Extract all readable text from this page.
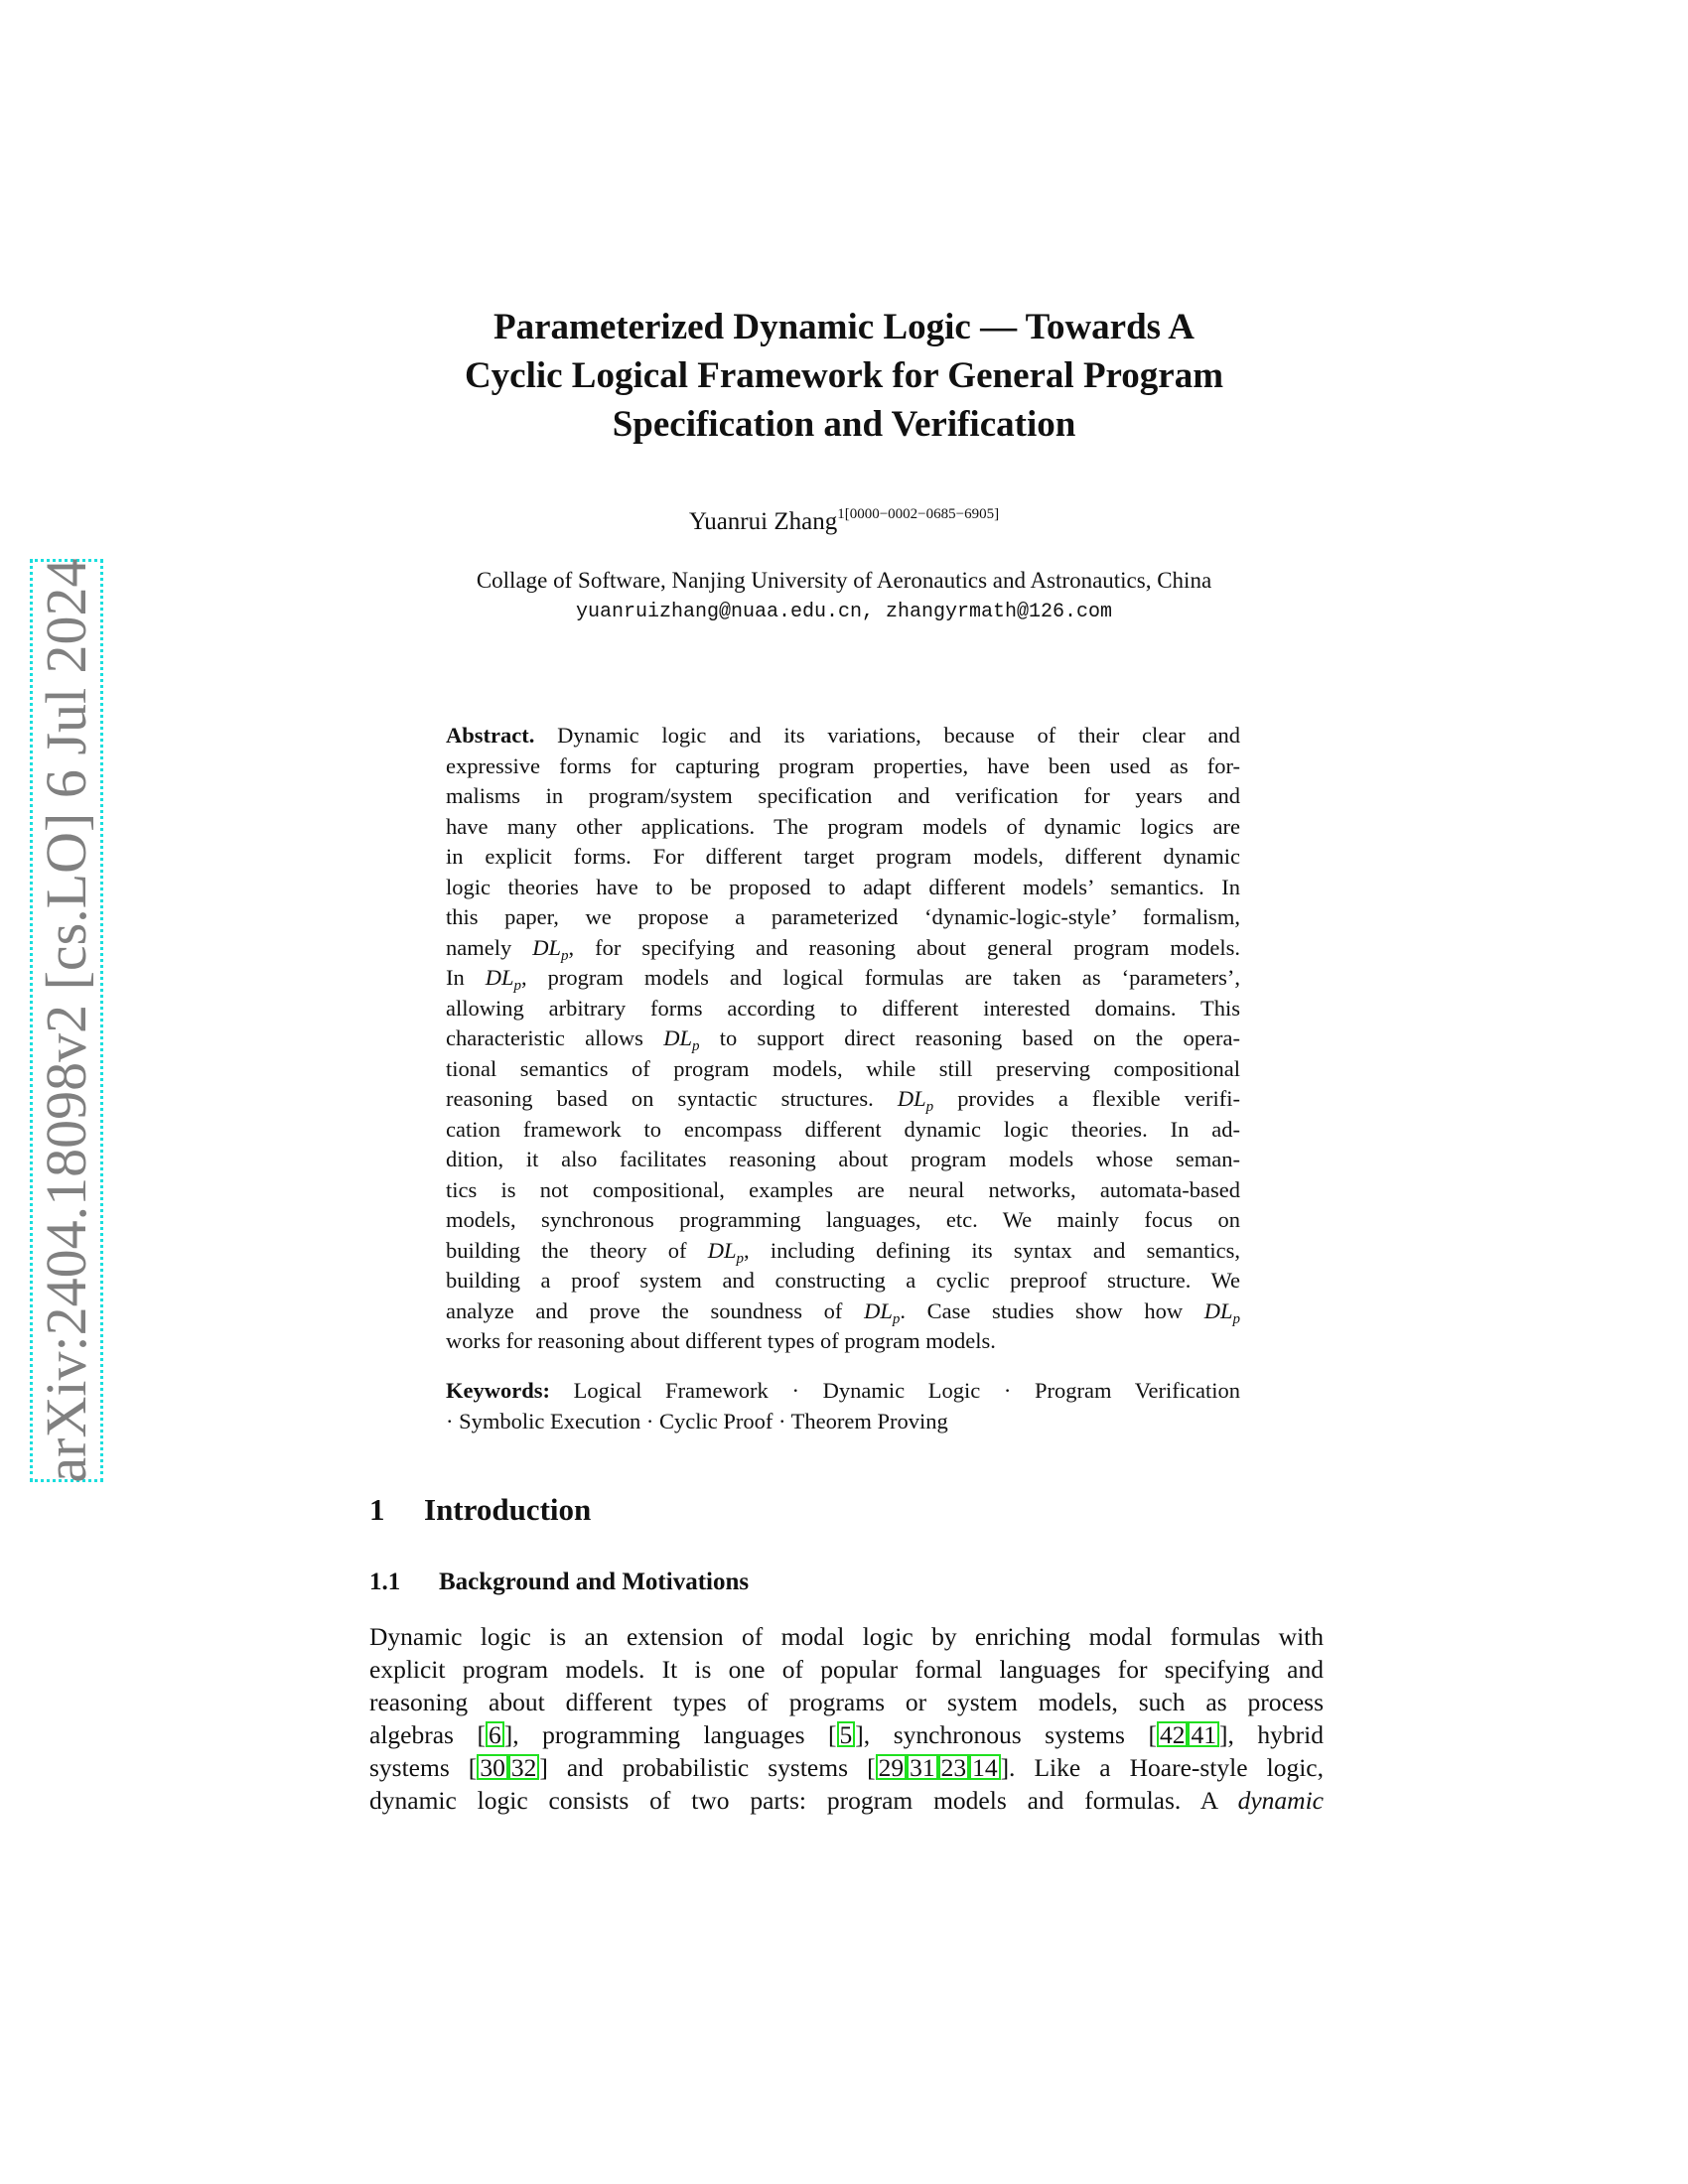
arXiv:2404.18098v2 [cs.LO] 6 Jul 2024
Parameterized Dynamic Logic — Towards A
Cyclic Logical Framework for General Program
Specification and Verification
Yuanrui Zhang$^{1[0000-0002-0685-6905]}$
Collage of Software, Nanjing University of Aeronautics and Astronautics, China
yuanruizhang@nuaa.edu.cn, zhangyrmath@126.com
Abstract. Dynamic logic and its variations, because of their clear and
expressive forms for capturing program properties, have been used as for-
malisms in program/system specification and verification for years and
have many other applications. The program models of dynamic logics are
in explicit forms. For different target program models, different dynamic
logic theories have to be proposed to adapt different models’ semantics. In
this paper, we propose a parameterized ‘dynamic-logic-style’ formalism,
namely $DL_p$, for specifying and reasoning about general program models.
In $DL_p$, program models and logical formulas are taken as ‘parameters’,
allowing arbitrary forms according to different interested domains. This
characteristic allows $DL_p$ to support direct reasoning based on the opera-
tional semantics of program models, while still preserving compositional
reasoning based on syntactic structures. $DL_p$ provides a flexible verifi-
cation framework to encompass different dynamic logic theories. In ad-
dition, it also facilitates reasoning about program models whose seman-
tics is not compositional, examples are neural networks, automata-based
models, synchronous programming languages, etc. We mainly focus on
building the theory of $DL_p$, including defining its syntax and semantics,
building a proof system and constructing a cyclic preproof structure. We
analyze and prove the soundness of $DL_p$. Case studies show how $DL_p$
works for reasoning about different types of program models.
Keywords: Logical Framework · Dynamic Logic · Program Verification
· Symbolic Execution · Cyclic Proof · Theorem Proving
1 Introduction
1.1 Background and Motivations
Dynamic logic is an extension of modal logic by enriching modal formulas with
explicit program models. It is one of popular formal languages for specifying and
reasoning about different types of programs or system models, such as process
algebras [ 6 ], programming languages [ 5 ], synchronous systems [ 42 41 ], hybrid
systems [ 30 32 ] and probabilistic systems [ 29 31 23 14 ]. Like a Hoare-style logic,
dynamic logic consists of two parts: program models and formulas. A dynamic
